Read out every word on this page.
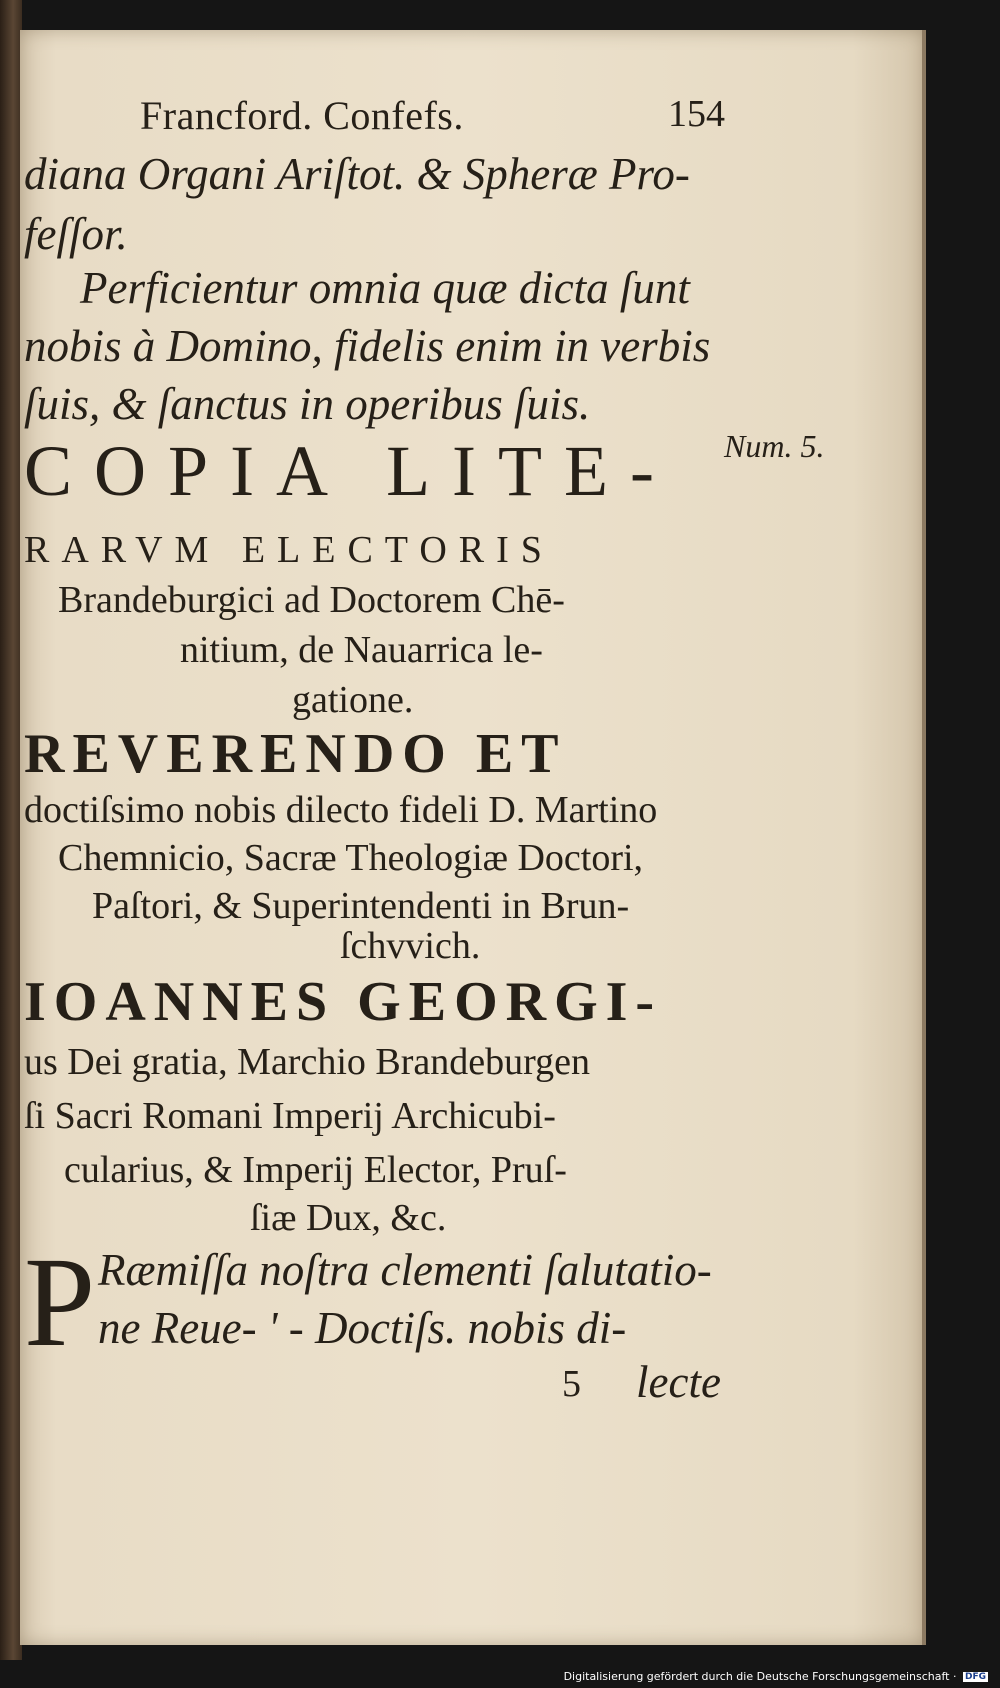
Francford. Confefs.	154

diana Organi Ariſtot. & Spheræ Pro-

feſſor.

Perficientur omnia quæ dicta ſunt

nobis à Domino, fidelis enim in verbis

ſuis, & ſanctus in operibus ſuis.

Num. 5.

COPIA LITE-

RARVM ELECTORIS

Brandeburgici ad Doctorem Chē-

nitium, de Nauarrica le-

gatione.

REVERENDO ET

doctiſsimo nobis dilecto fideli D. Martino

Chemnicio, Sacræ Theologiæ Doctori,

Paſtori, & Superintendenti in Brun-

ſchvvich.

IOANNES GEORGI-

us Dei gratia, Marchio Brandeburgen

ſi Sacri Romani Imperij Archicubi-

cularius, & Imperij Elector, Pruſ-

ſiæ Dux, &c.

P Ræmiſſa noſtra clementi ſalutatio-

ne Reue- ' - Doctiſs. nobis di-

5 lecte

Digitalisierung gefördert durch die Deutsche Forschungsgemeinschaft · DFG
